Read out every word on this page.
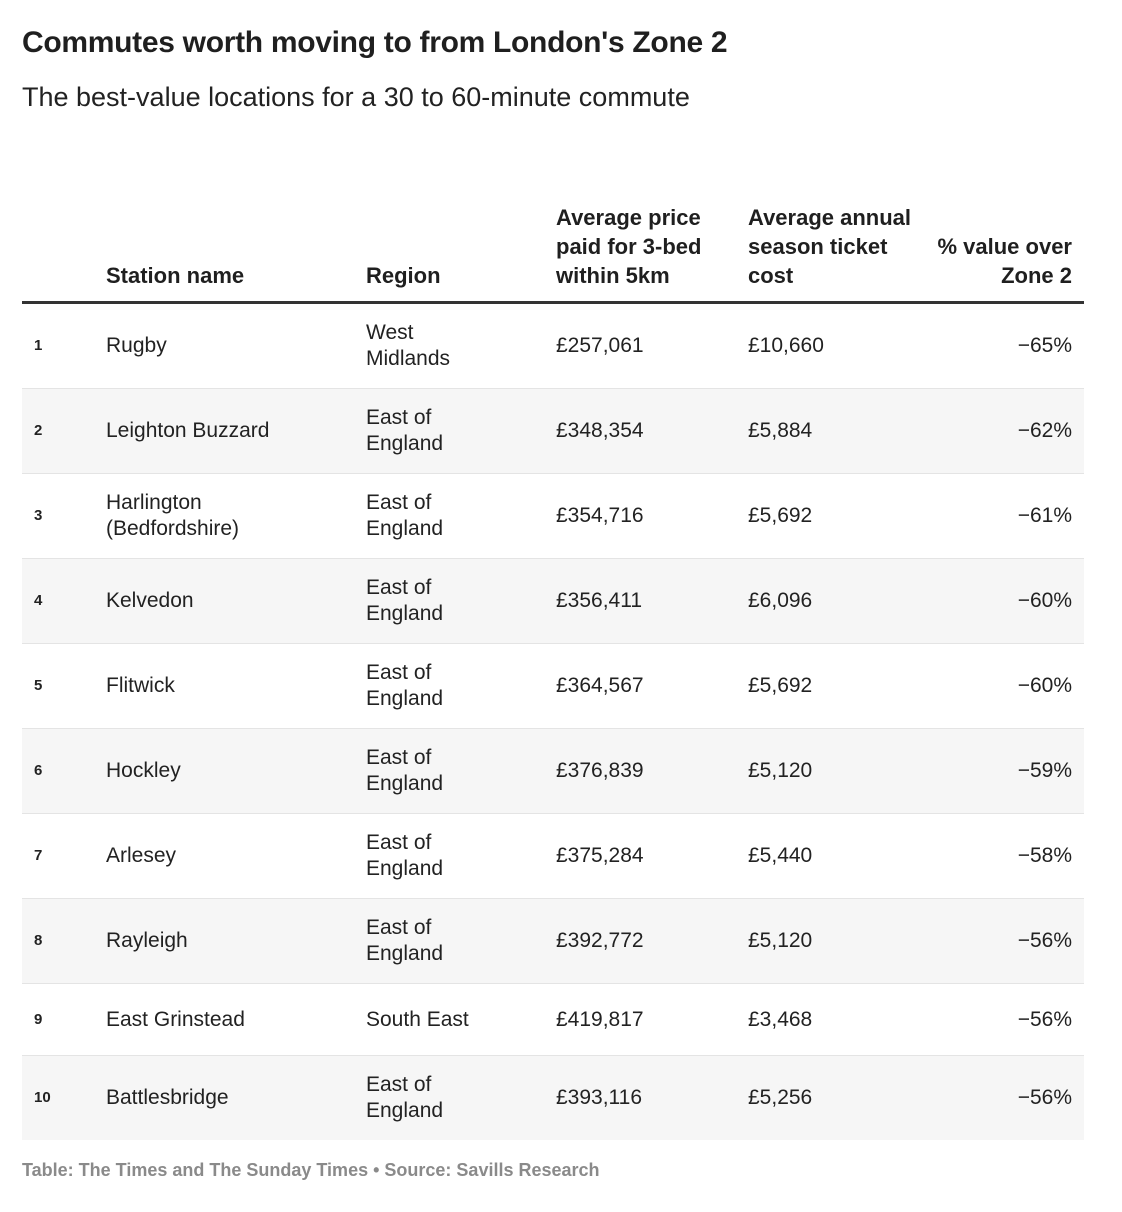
Commutes worth moving to from London's Zone 2
The best-value locations for a 30 to 60-minute commute
	Station name	Region	Average price paid for 3-bed within 5km	Average annual season ticket cost	% value over Zone 2
1	Rugby	West Midlands	£257,061	£10,660	−65%
2	Leighton Buzzard	East of England	£348,354	£5,884	−62%
3	Harlington (Bedfordshire)	East of England	£354,716	£5,692	−61%
4	Kelvedon	East of England	£356,411	£6,096	−60%
5	Flitwick	East of England	£364,567	£5,692	−60%
6	Hockley	East of England	£376,839	£5,120	−59%
7	Arlesey	East of England	£375,284	£5,440	−58%
8	Rayleigh	East of England	£392,772	£5,120	−56%
9	East Grinstead	South East	£419,817	£3,468	−56%
10	Battlesbridge	East of England	£393,116	£5,256	−56%

Table: The Times and The Sunday Times • Source: Savills Research
